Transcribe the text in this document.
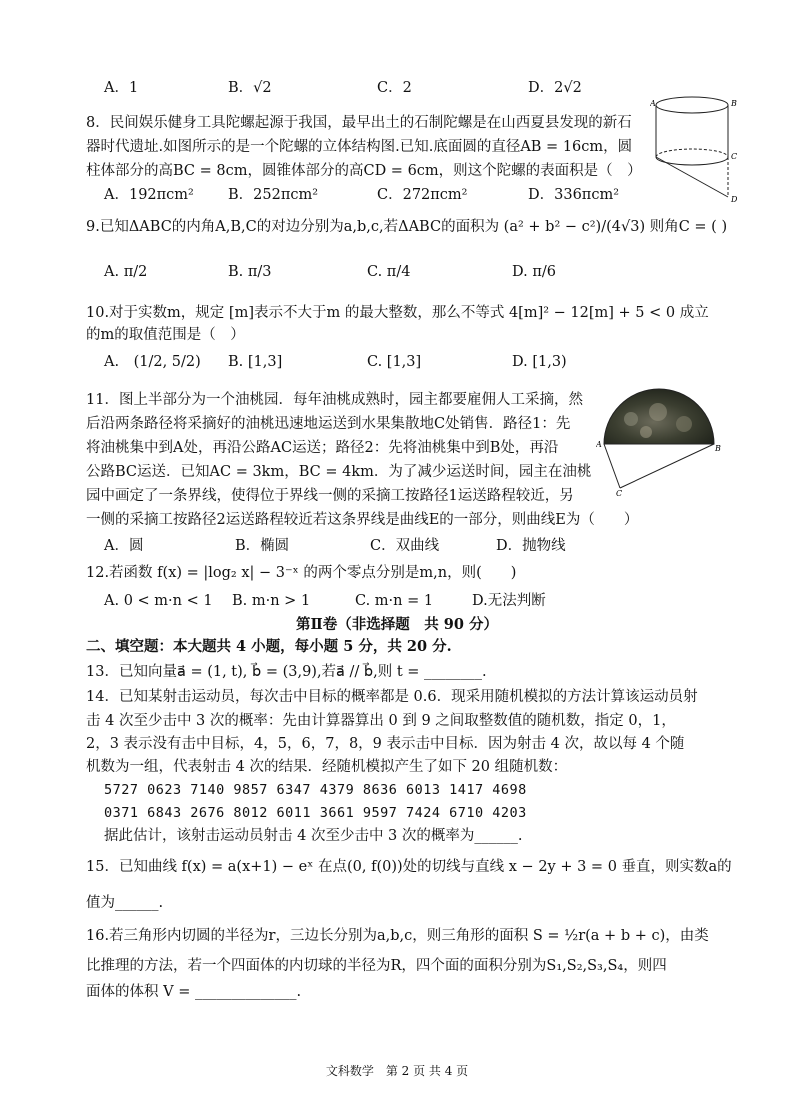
A．1	B．√2	C．2	D．2√2
8．民间娱乐健身工具陀螺起源于我国，最早出土的石制陀螺是在山西夏县发现的新石
器时代遗址.如图所示的是一个陀螺的立体结构图.已知.底面圆的直径AB = 16cm，圆
柱体部分的高BC = 8cm，圆锥体部分的高CD = 6cm，则这个陀螺的表面积是（　）
A．192πcm² B．252πcm²	C．272πcm²	D．336πcm²
A	B
C
D
9.已知ΔABC的内角A,B,C的对边分别为a,b,c,若ΔABC的面积为 (a² + b² − c²)/(4√3) 则角C = ( )
A. π/2	B. π/3	C. π/4	D. π/6
10.对于实数m，规定 [m]表示不大于m 的最大整数，那么不等式 4[m]² − 12[m] + 5 < 0 成立
的m的取值范围是（　）
A.　(1/2, 5/2) B. [1,3]	C. [1,3]	D. [1,3)
11．图上半部分为一个油桃园．每年油桃成熟时，园主都要雇佣人工采摘，然
后沿两条路径将采摘好的油桃迅速地运送到水果集散地C处销售．路径1：先
将油桃集中到A处，再沿公路AC运送；路径2：先将油桃集中到B处，再沿
公路BC运送．已知AC = 3km，BC = 4km．为了减少运送时间，园主在油桃
园中画定了一条界线，使得位于界线一侧的采摘工按路径1运送路程较近，另
一侧的采摘工按路径2运送路程较近若这条界线是曲线E的一部分，则曲线E为（　　）
A．圆	B．椭圆	C．双曲线	D．抛物线
A	B
C
12.若函数 f(x) = |log₂ x| − 3⁻ˣ 的两个零点分别是m,n，则(　　)
A. 0 < m·n < 1 B. m·n > 1	C. m·n = 1	D.无法判断
第Ⅱ卷（非选择题　共 90 分）
二、填空题：本大题共 4 小题，每小题 5 分，共 20 分.
13．已知向量a⃗ = (1, t), b⃗ = (3,9),若a⃗ // b⃗,则 t = ________.
14．已知某射击运动员，每次击中目标的概率都是 0.6．现采用随机模拟的方法计算该运动员射
击 4 次至少击中 3 次的概率：先由计算器算出 0 到 9 之间取整数值的随机数，指定 0，1，
2，3 表示没有击中目标，4，5，6，7，8，9 表示击中目标．因为射击 4 次，故以每 4 个随
机数为一组，代表射击 4 次的结果．经随机模拟产生了如下 20 组随机数：
5727 0623 7140 9857 6347 4379 8636 6013 1417 4698
0371 6843 2676 8012 6011 3661 9597 7424 6710 4203
据此估计，该射击运动员射击 4 次至少击中 3 次的概率为______.
15．已知曲线 f(x) = a(x+1) − eˣ 在点(0, f(0))处的切线与直线 x − 2y + 3 = 0 垂直，则实数a的
值为______.
16.若三角形内切圆的半径为r，三边长分别为a,b,c，则三角形的面积 S = ½r(a + b + c)，由类
比推理的方法，若一个四面体的内切球的半径为R，四个面的面积分别为S₁,S₂,S₃,S₄，则四
面体的体积 V = ______________.
文科数学　第 2 页 共 4 页
